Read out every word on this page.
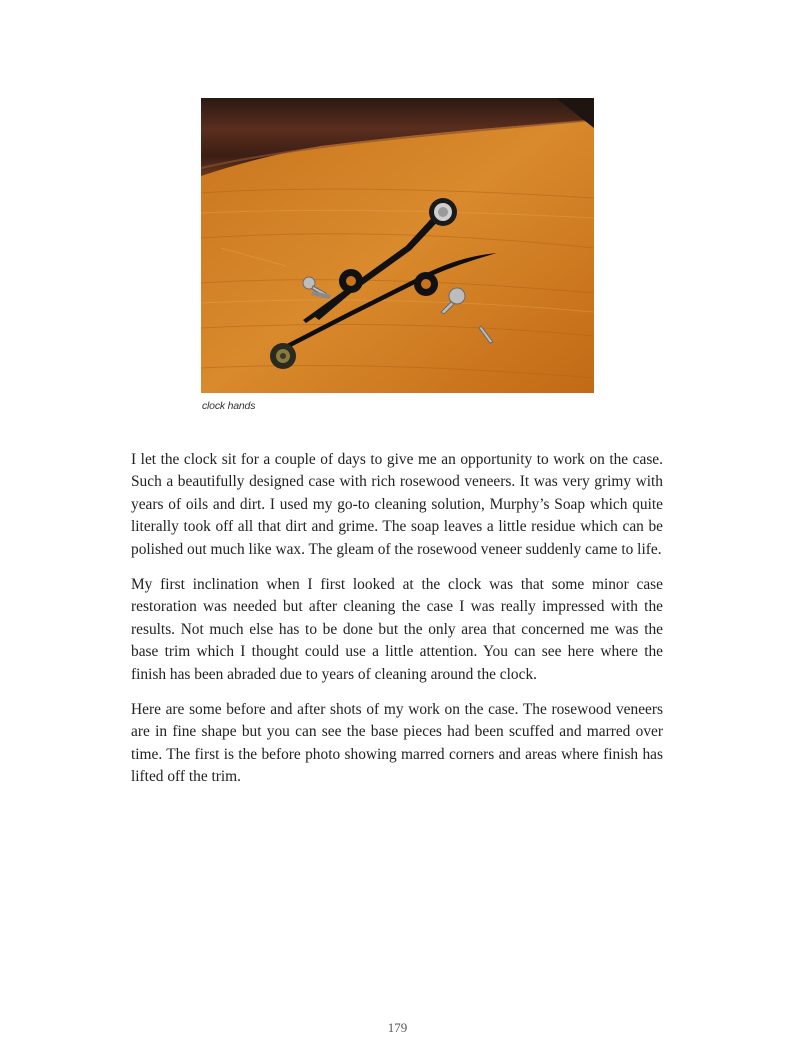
clock hands

I let the clock sit for a couple of days to give me an opportunity to work on the case. Such a beautifully designed case with rich rosewood veneers. It was very grimy with years of oils and dirt. I used my go-to cleaning solution, Murphy’s Soap which quite literally took off all that dirt and grime. The soap leaves a little residue which can be polished out much like wax. The gleam of the rosewood veneer suddenly came to life.

My first inclination when I first looked at the clock was that some minor case restoration was needed but after cleaning the case I was really impressed with the results. Not much else has to be done but the only area that concerned me was the base trim which I thought could use a little attention. You can see here where the finish has been abraded due to years of cleaning around the clock.

Here are some before and after shots of my work on the case. The rosewood veneers are in fine shape but you can see the base pieces had been scuffed and marred over time. The first is the before photo showing marred corners and areas where finish has lifted off the trim.

179
